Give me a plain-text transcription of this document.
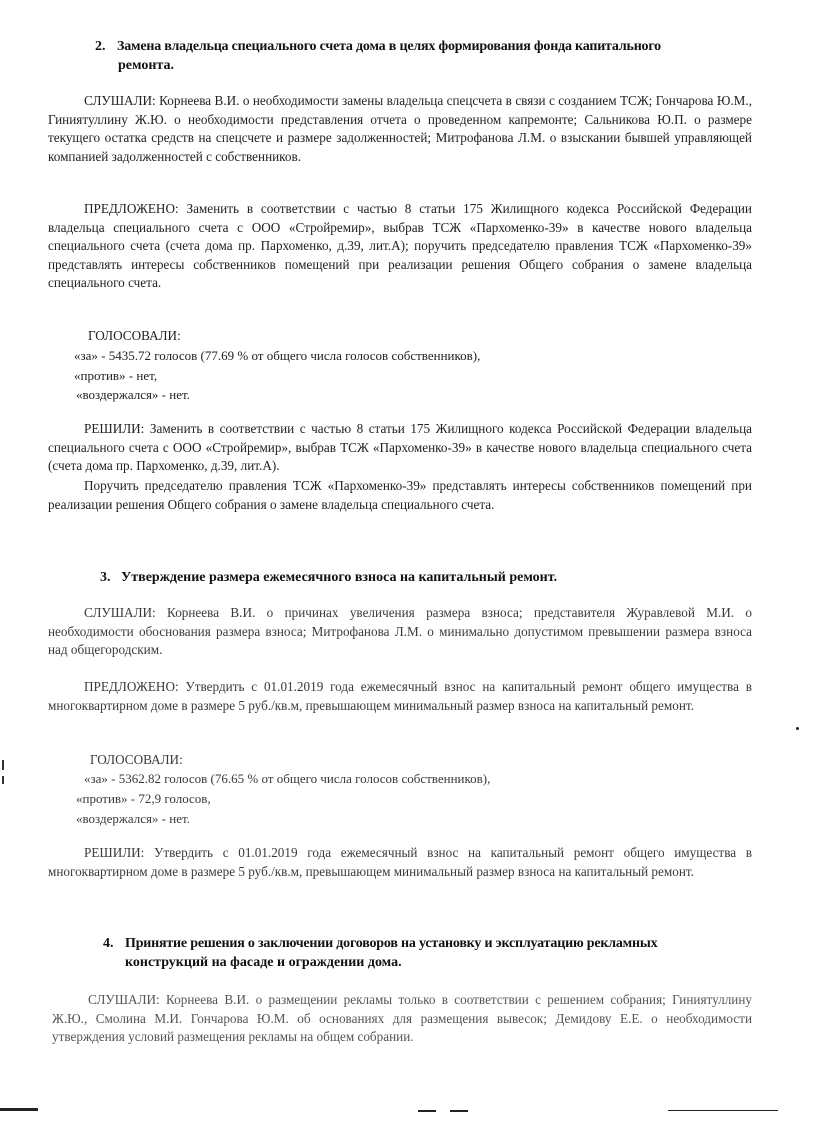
2. Замена владельца специального счета дома в целях формирования фонда капитального
ремонта.
СЛУШАЛИ: Корнеева В.И. о необходимости замены владельца спецсчета в связи с созданием ТСЖ; Гончарова Ю.М., Гиниятуллину Ж.Ю. о необходимости представления отчета о проведенном капремонте; Сальникова Ю.П. о размере текущего остатка средств на спецсчете и размере задолженностей; Митрофанова Л.М. о взыскании бывшей управляющей компанией задолженностей с собственников.
ПРЕДЛОЖЕНО: Заменить в соответствии с частью 8 статьи 175 Жилищного кодекса Российской Федерации владельца специального счета с ООО «Стройремир», выбрав ТСЖ «Пархоменко-39» в качестве нового владельца специального счета (счета дома пр. Пархоменко, д.39, лит.А); поручить председателю правления ТСЖ «Пархоменко-39» представлять интересы собственников помещений при реализации решения Общего собрания о замене владельца специального счета.
ГОЛОСОВАЛИ:
«за» - 5435.72 голосов (77.69 % от общего числа голосов собственников),
«против» - нет,
«воздержался» - нет.
РЕШИЛИ: Заменить в соответствии с частью 8 статьи 175 Жилищного кодекса Российской Федерации владельца специального счета с ООО «Стройремир», выбрав ТСЖ «Пархоменко-39» в качестве нового владельца специального счета (счета дома пр. Пархоменко, д.39, лит.А).
Поручить председателю правления ТСЖ «Пархоменко-39» представлять интересы собственников помещений при реализации решения Общего собрания о замене владельца специального счета.
3.   Утверждение размера ежемесячного взноса на капитальный ремонт.
СЛУШАЛИ: Корнеева В.И. о причинах увеличения размера взноса; представителя Журавлевой М.И. о необходимости обоснования размера взноса; Митрофанова Л.М. о минимально допустимом превышении размера взноса над общегородским.
ПРЕДЛОЖЕНО: Утвердить с 01.01.2019 года ежемесячный взнос на капитальный ремонт общего имущества в многоквартирном доме в размере 5 руб./кв.м, превышающем минимальный размер взноса на капитальный ремонт.
ГОЛОСОВАЛИ:
«за» - 5362.82 голосов (76.65 % от общего числа голосов собственников),
«против» - 72,9 голосов,
«воздержался» - нет.
РЕШИЛИ: Утвердить с 01.01.2019 года ежемесячный взнос на капитальный ремонт общего имущества в многоквартирном доме в размере 5 руб./кв.м, превышающем минимальный размер взноса на капитальный ремонт.
4. Принятие решения о заключении договоров на установку и эксплуатацию рекламных
конструкций на фасаде и ограждении дома.
СЛУШАЛИ: Корнеева В.И. о размещении рекламы только в соответствии с решением собрания; Гиниятуллину Ж.Ю., Смолина М.И. Гончарова Ю.М. об основаниях для размещения вывесок; Демидову Е.Е. о необходимости утверждения условий размещения рекламы на общем собрании.
